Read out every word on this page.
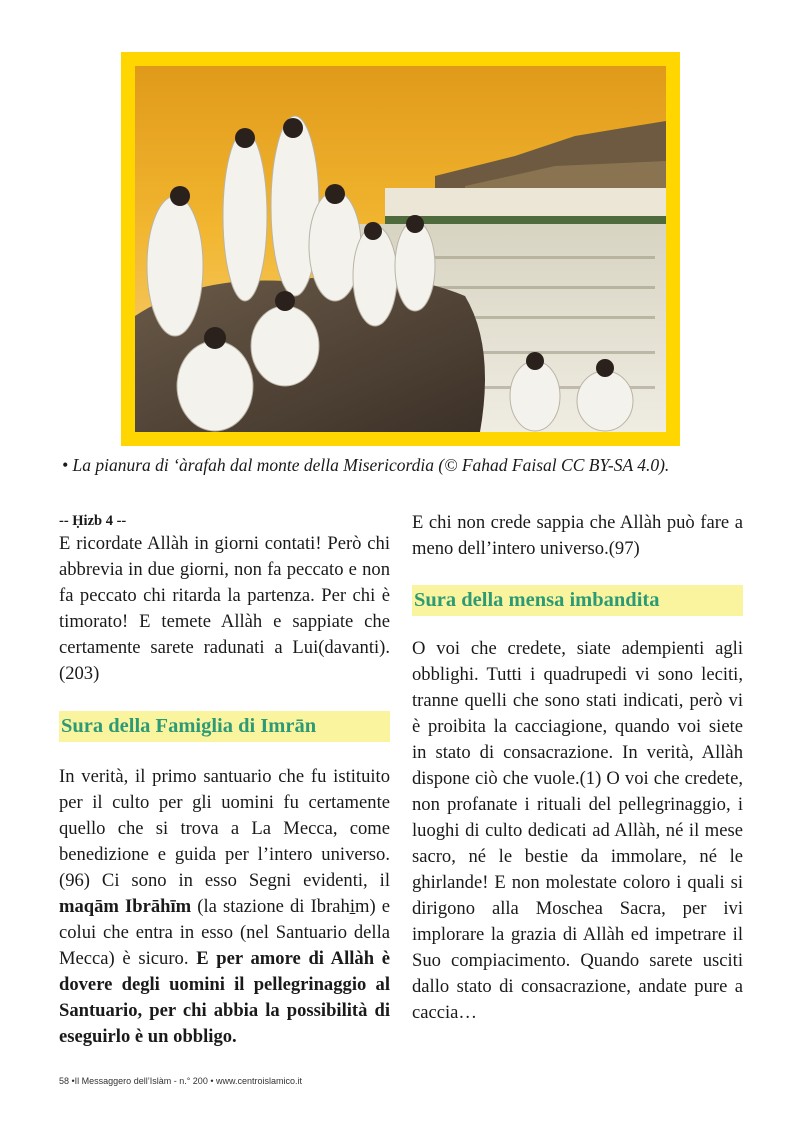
• La pianura di ‘àrafah dal monte della Misericordia (© Fahad Faisal CC BY-SA 4.0).
-- Ḥizb 4 --

E ricordate Allàh in giorni contati! Però chi abbrevia in due giorni, non fa peccato e non fa peccato chi ritarda la partenza. Per chi è timorato! E temete Allàh e sappiate che certamente sarete radunati a Lui(davanti). (203)

Sura della Famiglia di Imrān

In verità, il primo santuario che fu istituito per il culto per gli uomini fu certamente quello che si trova a La Mecca, come benedizione e guida per l’intero universo.(96) Ci sono in esso Segni evidenti, il maqām Ibrāhīm (la stazione di Ibrahi̱m) e colui che entra in esso (nel Santuario della Mecca) è sicuro. E per amore di Allàh è dovere degli uomini il pellegrinaggio al Santuario, per chi abbia la possibilità di eseguirlo è un obbligo.

E chi non crede sappia che Allàh può fare a meno dell’intero universo.(97)

Sura della mensa imbandita

O voi che credete, siate adempienti agli obblighi. Tutti i quadrupedi vi sono leciti, tranne quelli che sono stati indicati, però vi è proibita la cacciagione, quando voi siete in stato di consacrazione. In verità, Allàh dispone ciò che vuole.(1) O voi che credete, non profanate i rituali del pellegrinaggio, i luoghi di culto dedicati ad Allàh, né il mese sacro, né le bestie da immolare, né le ghirlande! E non molestate coloro i quali si dirigono alla Moschea Sacra, per ivi implorare la grazia di Allàh ed impetrare il Suo compiacimento. Quando sarete usciti dallo stato di consacrazione, andate pure a caccia…

58 •Il Messaggero dell’Islàm - n.° 200 • www.centroislamico.it
